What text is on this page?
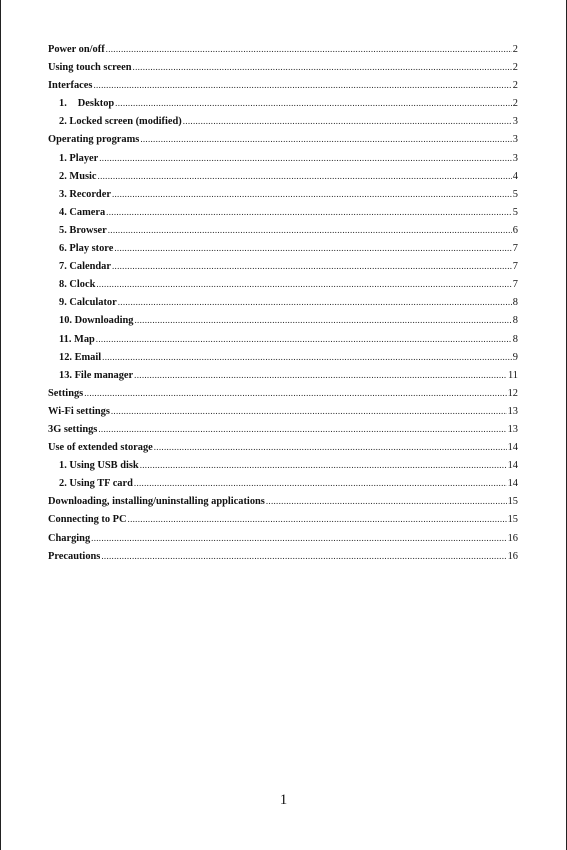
Power on/off .....	2
Using touch screen .....	2
Interfaces .....	2
1. Desktop .....	2
2. Locked screen (modified) .....	3
Operating programs .....	3
1. Player .....	3
2. Music .....	4
3. Recorder .....	5
4. Camera .....	5
5. Browser .....	6
6. Play store .....	7
7. Calendar .....	7
8. Clock .....	7
9. Calculator .....	8
10. Downloading .....	8
11. Map .....	8
12. Email .....	9
13. File manager .....	11
Settings .....	12
Wi-Fi settings .....	13
3G settings .....	13
Use of extended storage .....	14
1. Using USB disk .....	14
2. Using TF card .....	14
Downloading, installing/uninstalling applications .....	15
Connecting to PC .....	15
Charging .....	16
Precautions .....	16
1
